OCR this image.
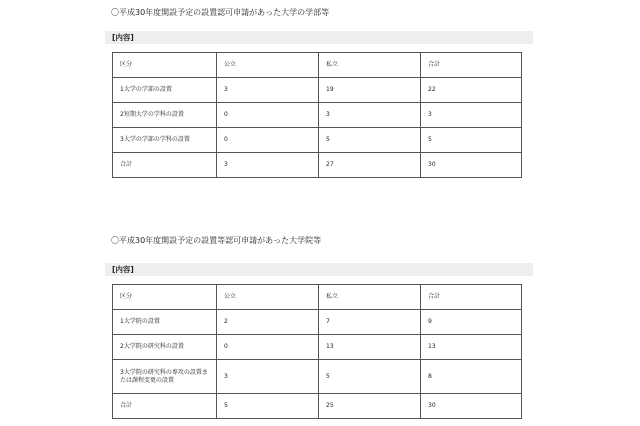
〇平成30年度開設予定の設置認可申請があった大学の学部等
[内容]
区分	公立	私立	合計
1大学の学部の設置	3	19	22
2短期大学の学科の設置	0	3	3
3大学の学部の学科の設置	0	5	5
合計	3	27	30
〇平成30年度開設予定の設置等認可申請があった大学院等
[内容]
区分	公立	私立	合計
1大学院の設置	2	7	9
2大学院の研究科の設置	0	13	13
3大学院の研究科の専攻の設置または課程変更の設置	3	5	8
合計	5	25	30
